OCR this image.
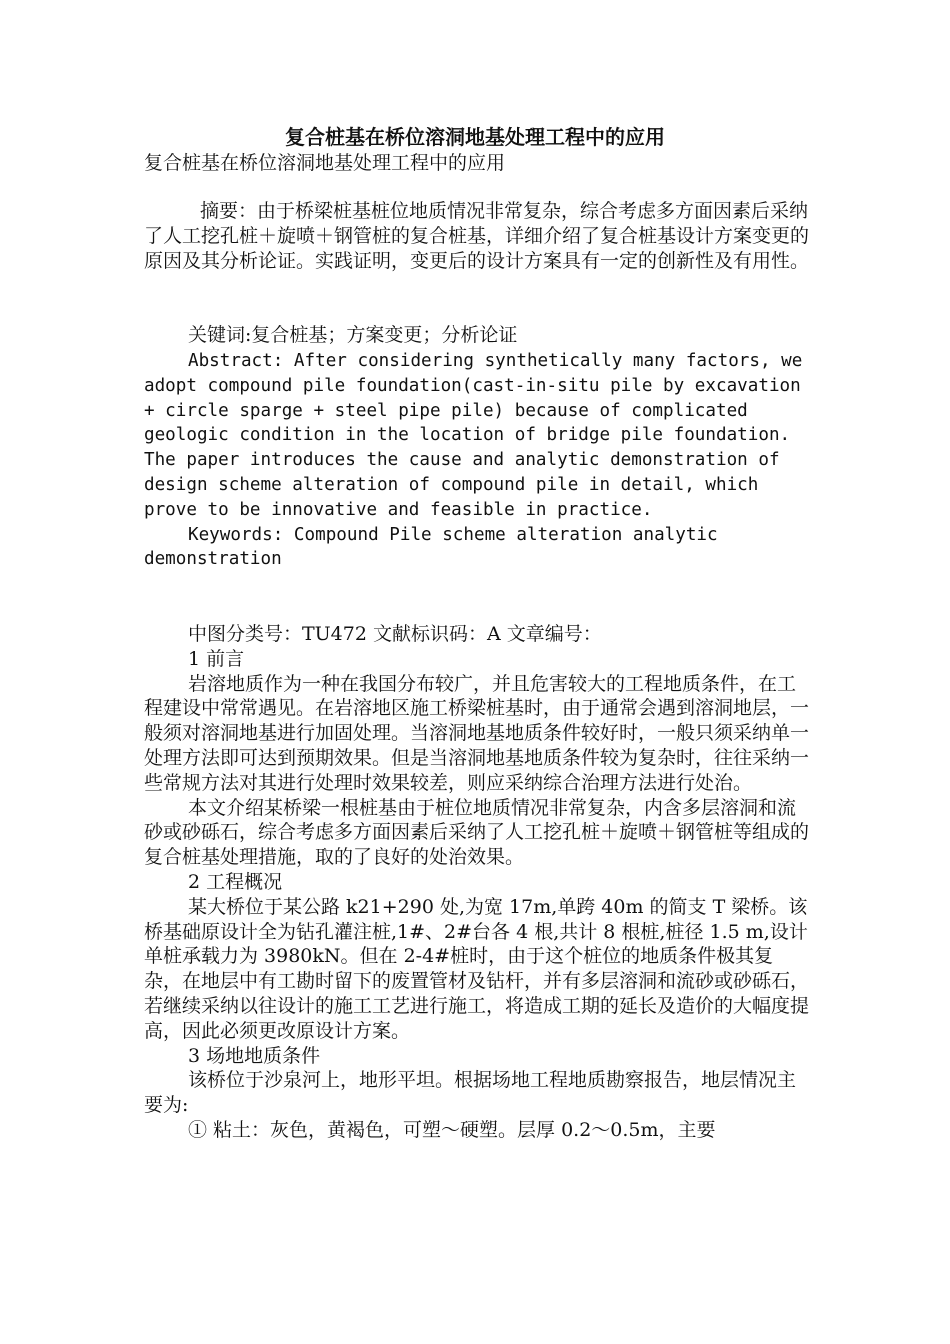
复合桩基在桥位溶洞地基处理工程中的应用
复合桩基在桥位溶洞地基处理工程中的应用

摘要：由于桥梁桩基桩位地质情况非常复杂，综合考虑多方面因素后采纳了人工挖孔桩＋旋喷＋钢管桩的复合桩基，详细介绍了复合桩基设计方案变更的原因及其分析论证。实践证明，变更后的设计方案具有一定的创新性及有用性。

关键词:复合桩基；方案变更；分析论证

Abstract: After considering synthetically many factors, we adopt compound pile foundation(cast-in-situ pile by excavation + circle sparge + steel pipe pile) because of complicated geologic condition in the location of bridge pile foundation. The paper introduces the cause and analytic demonstration of design scheme alteration of compound pile in detail, which prove to be innovative and feasible in practice.

Keywords: Compound Pile scheme alteration analytic demonstration

中图分类号：TU472 文献标识码：A 文章编号：

1 前言

岩溶地质作为一种在我国分布较广，并且危害较大的工程地质条件，在工程建设中常常遇见。在岩溶地区施工桥梁桩基时，由于通常会遇到溶洞地层，一般须对溶洞地基进行加固处理。当溶洞地基地质条件较好时，一般只须采纳单一处理方法即可达到预期效果。但是当溶洞地基地质条件较为复杂时，往往采纳一些常规方法对其进行处理时效果较差，则应采纳综合治理方法进行处治。

本文介绍某桥梁一根桩基由于桩位地质情况非常复杂，内含多层溶洞和流砂或砂砾石，综合考虑多方面因素后采纳了人工挖孔桩＋旋喷＋钢管桩等组成的复合桩基处理措施，取的了良好的处治效果。

2 工程概况

某大桥位于某公路 k21+290 处,为宽 17m,单跨 40m 的简支 T 梁桥。该桥基础原设计全为钻孔灌注桩,1#、2#台各 4 根,共计 8 根桩,桩径 1.5 m,设计单桩承载力为 3980kN。但在 2-4#桩时，由于这个桩位的地质条件极其复杂，在地层中有工勘时留下的废置管材及钻杆，并有多层溶洞和流砂或砂砾石，若继续采纳以往设计的施工工艺进行施工，将造成工期的延长及造价的大幅度提高，因此必须更改原设计方案。

3 场地地质条件

该桥位于沙泉河上，地形平坦。根据场地工程地质勘察报告，地层情况主要为:

① 粘土：灰色，黄褐色，可塑～硬塑。层厚 0.2～0.5m，主要
